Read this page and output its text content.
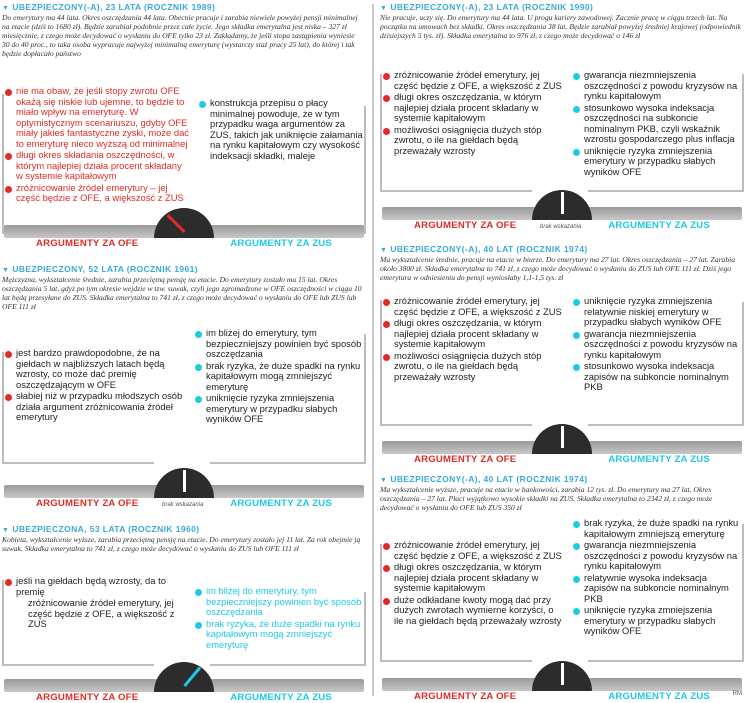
▼ UBEZPIECZONY(-A), 23 LATA (ROCZNIK 1989)
Do emerytury ma 44 lata. Okres oszczędzania 44 lata. Obecnie pracuje i zarabia niewiele powyżej pensji minimalnej na etacie (dziś to 1680 zł). Będzie zarabiał podobnie przez całe życie. Jego składka emerytalna jest niska – 327 zł miesięcznie, z czego może decydować o wysłaniu do OFE tylko 23 zł. Zakładamy, że jeśli stopa zastąpienia wyniesie 30 do 40 proc., to taka osoba wypracuje najwyżej minimalną emeryturę (wystarczy staż pracy 25 lat), do której i tak będzie dopłacało państwo
nie ma obaw, że jeśli stopy zwrotu OFE okażą się niskie lub ujemne, to będzie to miało wpływ na emeryturę. W optymistycznym scenariuszu, gdyby OFE miały jakieś fantastyczne zyski, może dać to emeryturę nieco wyższą od minimalnej
długi okres składania oszczędności, w którym najlepiej działa procent składany w systemie kapitałowym
zróżnicowanie źródeł emerytury – jej część będzie z OFE, a większość z ZUS
konstrukcja przepisu o płacy minimalnej powoduje, że w tym przypadku waga argumentów za ZUS, takich jak uniknięcie załamania na rynku kapitałowym czy wysokość indeksacji składki, maleje
ARGUMENTY ZA OFE	ARGUMENTY ZA ZUS
▼ UBEZPIECZONY, 52 LATA (ROCZNIK 1961)
Mężczyzna, wykształcenie średnie, zarabia przeciętną pensję na etacie. Do emerytury zostało mu 15 lat. Okres oszczędzania 5 lat, gdyż po tym okresie wejdzie w tzw. suwak, czyli jego zgromadzone w OFE oszczędności w ciągu 10 lat będą przesyłane do ZUS. Składka emerytalna to 741 zł, z czego może decydować o wysłaniu do OFE lub ZUS lub OFE 111 zł
jest bardzo prawdopodobne, że na giełdach w najbliższych latach będą wzrosty, co może dać premię oszczędzającym w OFE
słabiej niż w przypadku młodszych osób działa argument zróżnicowania źródeł emerytury
im bliżej do emerytury, tym bezpieczniejszy powinien być sposób oszczędzania
brak ryzyka, że duże spadki na rynku kapitałowym mogą zmniejszyć emeryturę
uniknięcie ryzyka zmniejszenia emerytury w przypadku słabych wyników OFE
brak wskazania
ARGUMENTY ZA OFE	ARGUMENTY ZA ZUS
▼ UBEZPIECZONA, 53 LATA (ROCZNIK 1960)
Kobieta, wykształcenie wyższe, zarabia przeciętną pensję na etacie. Do emerytury zostało jej 11 lat. Za rok obejmie ją suwak. Składka emerytalna to 741 zł, z czego może decydować o wysłaniu do ZUS lub OFE 111 zł
jeśli na giełdach będą wzrosty, da to premię
zróżnicowanie źródeł emerytury, jej część będzie z OFE, a większość z ZUS
im bliżej do emerytury, tym bezpieczniejszy powinien być sposób oszczędzania
brak ryzyka, że duże spadki na rynku kapitałowym mogą zmniejszyć emeryturę
ARGUMENTY ZA OFE	ARGUMENTY ZA ZUS
▼ UBEZPIECZONY(-A), 23 LATA (ROCZNIK 1990)
Nie pracuje, uczy się. Do emerytury ma 44 lata. U progu kariery zawodowej. Zacznie pracę w ciągu trzech lat. Na początku na umowach bez składki. Okres oszczędzania 38 lat. Będzie zarabiał powyżej średniej krajowej (odpowiednik dzisiejszych 5 tys. zł). Składka emerytalna to 976 zł, z czego może decydować o 146 zł
zróżnicowanie źródeł emerytury, jej część będzie z OFE, a większość z ZUS
długi okres oszczędzania, w którym najlepiej działa procent składany w systemie kapitałowym
możliwości osiągnięcia dużych stóp zwrotu, o ile na giełdach będą przeważały wzrosty
gwarancja niezmniejszenia oszczędności z powodu kryzysów na rynku kapitałowym
stosunkowo wysoka indeksacja oszczędności na subkoncie nominalnym PKB, czyli wskaźnik wzrostu gospodarczego plus inflacja
uniknięcie ryzyka zmniejszenia emerytury w przypadku słabych wyników OFE
brak wskazania
ARGUMENTY ZA OFE	ARGUMENTY ZA ZUS
▼ UBEZPIECZONY(-A), 40 LAT (ROCZNIK 1974)
Ma wykształcenie średnie, pracuje na etacie w biurze. Do emerytury ma 27 lat. Okres oszczędzania – 27 lat. Zarabia około 3800 zł. Składka emerytalna to 741 zł, z czego może decydować o wysłaniu do ZUS lub OFE 111 zł. Dziś jego emerytura w odniesieniu do pensji wyniosłaby 1,1-1,5 tys. zł
zróżnicowanie źródeł emerytury, jej część będzie z OFE, a większość z ZUS
długi okres oszczędzania, w którym najlepiej działa procent składany w systemie kapitałowym
możliwości osiągnięcia dużych stóp zwrotu, o ile na giełdach będą przeważały wzrosty
uniknięcie ryzyka zmniejszenia relatywnie niskiej emerytury w przypadku słabych wyników OFE
gwarancja niezmniejszenia oszczędności z powodu kryzysów na rynku kapitałowym
stosunkowo wysoka indeksacja zapisów na subkoncie nominalnym PKB
ARGUMENTY ZA OFE	ARGUMENTY ZA ZUS
▼ UBEZPIECZONY(-A), 40 LAT (ROCZNIK 1974)
Ma wykształcenie wyższe, pracuje na etacie w bankowości, zarabia 12 tys. zł. Do emerytury ma 27 lat. Okres oszczędzania – 27 lat. Płaci wyjątkowo wysokie składki na ZUS. Składka emerytalna to 2342 zł, z czego może decydować o wysłaniu do OFE lub ZUS 350 zł
zróżnicowanie źródeł emerytury, jej część będzie z OFE, a większość z ZUS
długi okres oszczędzania, w którym najlepiej działa procent składany w systemie kapitałowym
duże odkładane kwoty mogą dać przy dużych zwrotach wymierne korzyści, o ile na giełdach będą przeważały wzrosty
brak ryzyka, że duże spadki na rynku kapitałowym zmniejszą emeryturę
gwarancja niezmniejszenia oszczędności z powodu kryzysów na rynku kapitałowym
relatywnie wysoka indeksacja zapisów na subkoncie nominalnym PKB
uniknięcie ryzyka zmniejszenia emerytury w przypadku słabych wyników OFE
ARGUMENTY ZA OFE	ARGUMENTY ZA ZUS	RM
